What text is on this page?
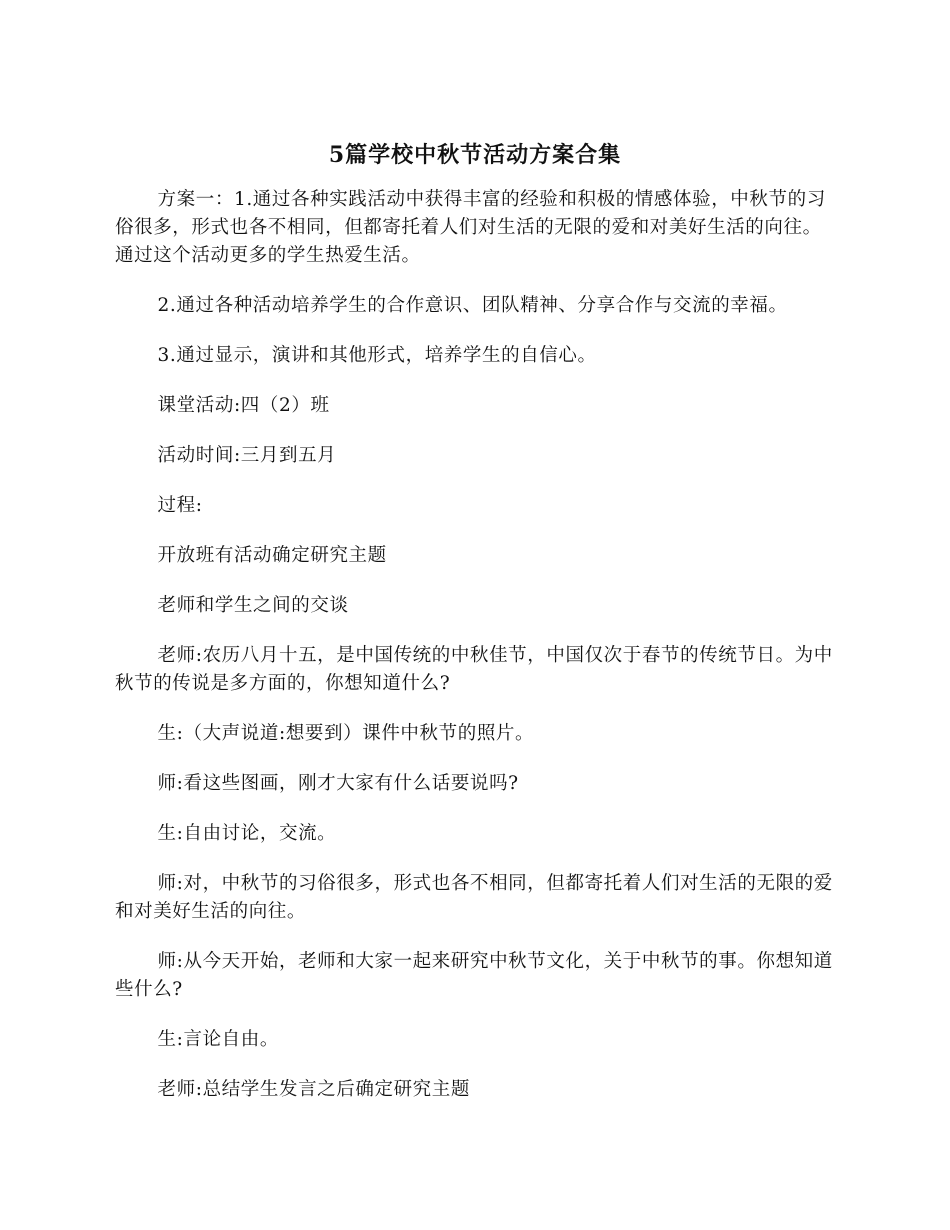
5篇学校中秋节活动方案合集

方案一：1.通过各种实践活动中获得丰富的经验和积极的情感体验，中秋节的习俗很多，形式也各不相同，但都寄托着人们对生活的无限的爱和对美好生活的向往。通过这个活动更多的学生热爱生活。

2.通过各种活动培养学生的合作意识、团队精神、分享合作与交流的幸福。

3.通过显示，演讲和其他形式，培养学生的自信心。

课堂活动:四（2）班

活动时间:三月到五月

过程:

开放班有活动确定研究主题

老师和学生之间的交谈

老师:农历八月十五，是中国传统的中秋佳节，中国仅次于春节的传统节日。为中秋节的传说是多方面的，你想知道什么?

生:（大声说道:想要到）课件中秋节的照片。

师:看这些图画，刚才大家有什么话要说吗?

生:自由讨论，交流。

师:对，中秋节的习俗很多，形式也各不相同，但都寄托着人们对生活的无限的爱和对美好生活的向往。

师:从今天开始，老师和大家一起来研究中秋节文化，关于中秋节的事。你想知道些什么?

生:言论自由。

老师:总结学生发言之后确定研究主题
